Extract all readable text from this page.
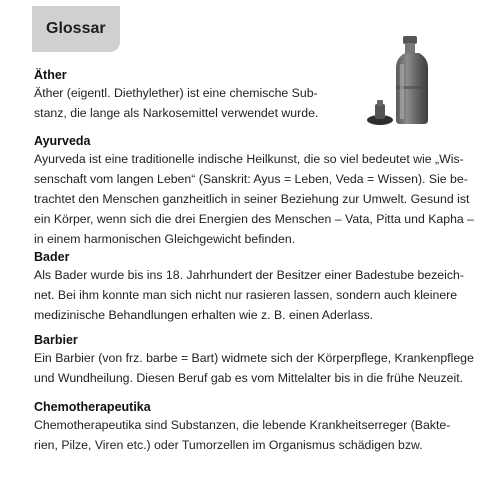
Glossar
Äther
Äther (eigentl. Diethylether) ist eine chemische Sub-
stanz, die lange als Narkosemittel verwendet wurde.
Ayurveda
Ayurveda ist eine traditionelle indische Heilkunst, die so viel bedeutet wie „Wis-
senschaft vom langen Leben“ (Sanskrit: Ayus = Leben, Veda = Wissen). Sie be-
trachtet den Menschen ganzheitlich in seiner Beziehung zur Umwelt. Gesund ist
ein Körper, wenn sich die drei Energien des Menschen – Vata, Pitta und Kapha –
in einem harmonischen Gleichgewicht befinden.
Bader
Als Bader wurde bis ins 18. Jahrhundert der Besitzer einer Badestube bezeich-
net. Bei ihm konnte man sich nicht nur rasieren lassen, sondern auch kleinere
medizinische Behandlungen erhalten wie z. B. einen Aderlass.
Barbier
Ein Barbier (von frz. barbe = Bart) widmete sich der Körperpflege, Krankenpflege
und Wundheilung. Diesen Beruf gab es vom Mittelalter bis in die frühe Neuzeit.
Chemotherapeutika
Chemotherapeutika sind Substanzen, die lebende Krankheitserreger (Bakte-
rien, Pilze, Viren etc.) oder Tumorzellen im Organismus schädigen bzw.
